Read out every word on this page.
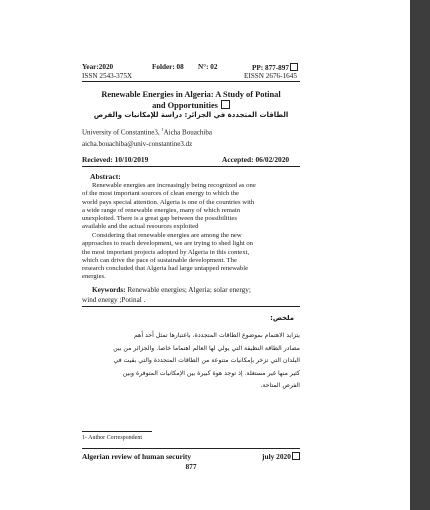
Year:2020	Folder: 08 N°: 02	PP: 877-897
ISSN 2543-375X	EISSN 2676-1645
Renewable Energies in Algeria: A Study of Potinal
and Opportunities
الطاقات المتجددة في الجزائر: دراسة للإمكانيات والفرص
University of Constantine3, $^1$Aicha Bouachiba
aicha.bouachiba@univ-constantine3.dz
Recieved: 10/10/2019	Accepted: 06/02/2020
Abstract:
Renewable energies are increasingly being recognized as one
of the most important sources of clean energy to which the
world pays special attention. Algeria is one of the countries with
a wide range of renewable energies, many of which remain
unexploited. There is a great gap between the possibilities
available and the actual resources exploited
Considering that renewable energies are among the new
approaches to reach development, we are trying to shed light on
the most important projects adopted by Algeria in this context,
which can drive the pace of sustainable development. The
research concluded that Algeria had large untapped renewable
energies.
Keywords: Renewable energies; Algeria; solar energy;
wind energy ;Potinal .
ملخص:
يتزايد الاهتمام بموضوع الطاقات المتجددة، باعتبارها تمثل أحد أهم
مصادر الطاقة النظيفة التي يولي لها العالم اهتماما خاصا. والجزائر من بين
البلدان التي تزخر بإمكانيات متنوعة من الطاقات المتجددة والتي بقيت في
كثير منها غير مستغلة. إذ توجد هوة كبيرة بين الإمكانيات المتوفرة وبين
الفرص المتاحة.
1- Author Correspondent
Algerian review of human security	july 2020
877
